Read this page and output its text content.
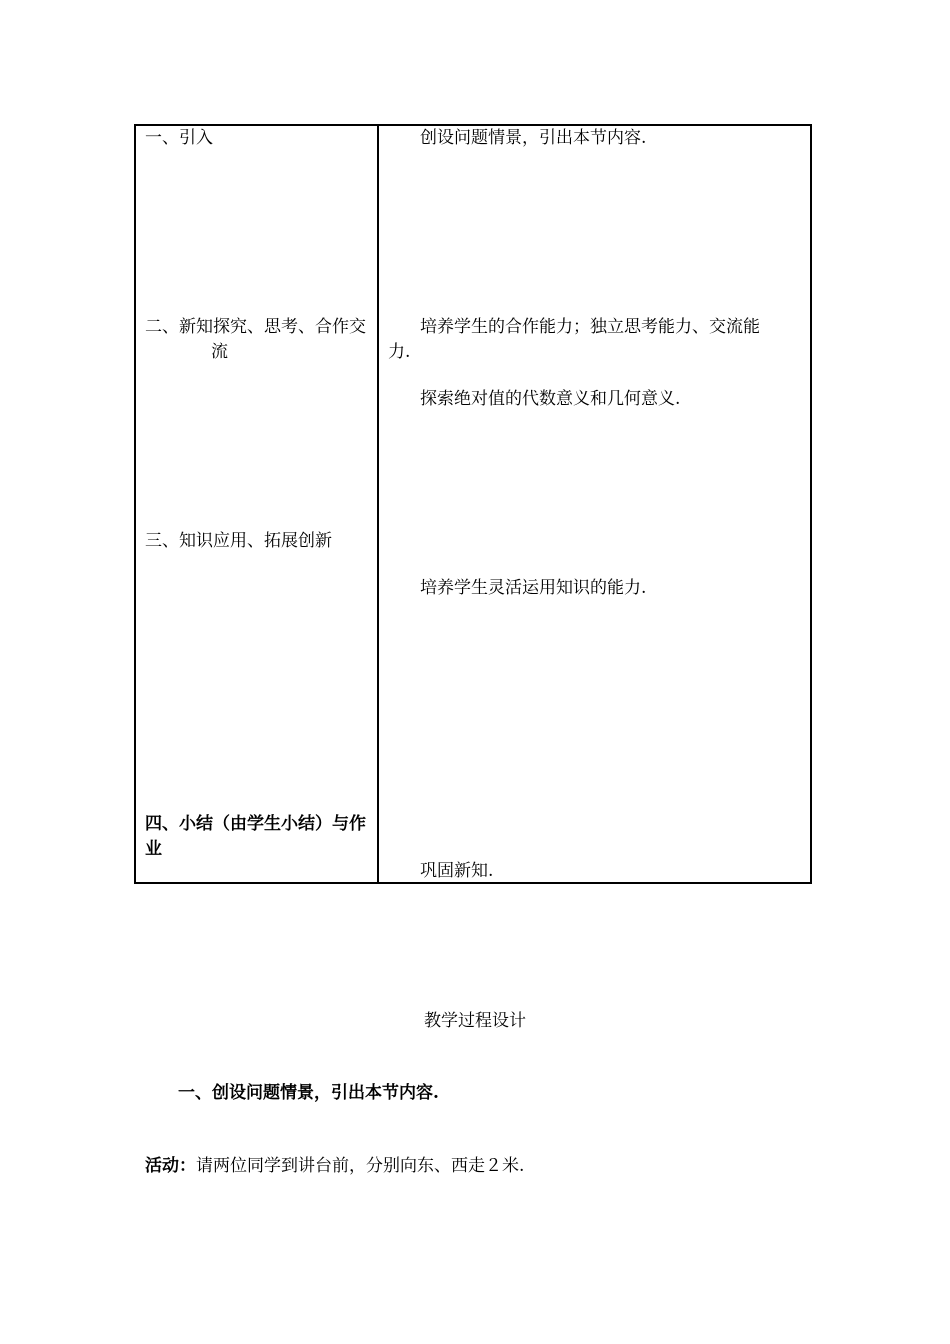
一、引入	创设问题情景，引出本节内容.
二、新知探究、思考、合作交
流
培养学生的合作能力；独立思考能力、交流能
力.
探索绝对值的代数意义和几何意义.
三、知识应用、拓展创新
培养学生灵活运用知识的能力.
四、小结（由学生小结）与作
业
巩固新知.
教学过程设计
一、创设问题情景，引出本节内容.
活动：请两位同学到讲台前，分别向东、西走２米.
